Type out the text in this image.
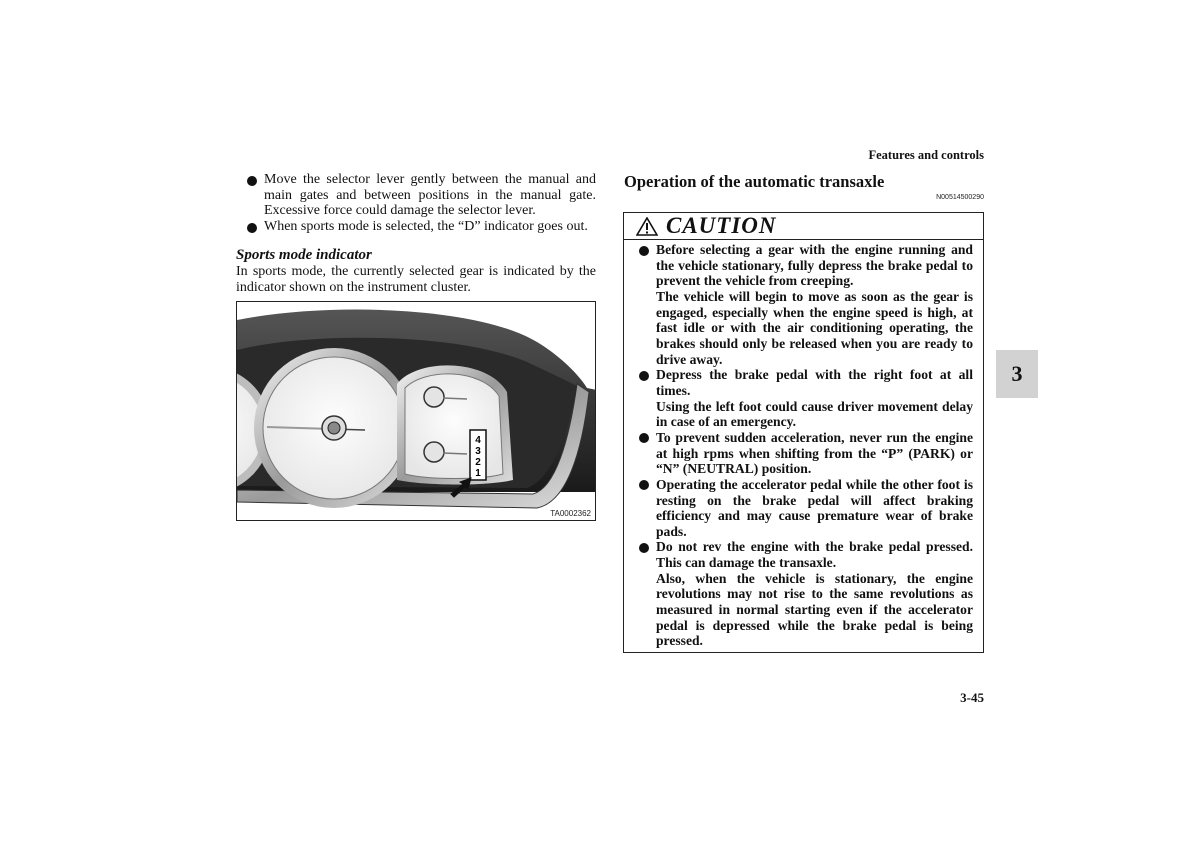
Features and controls
3
3-45
Move the selector lever gently between the manual and main gates and between positions in the manual gate. Excessive force could damage the selector lever.
When sports mode is selected, the “D” indicator goes out.
Sports mode indicator
In sports mode, the currently selected gear is indicated by the indicator shown on the instrument cluster.
4
3
2
1
TA0002362
Operation of the automatic transaxle
N00514500290
CAUTION
Before selecting a gear with the engine running and the vehicle stationary, fully depress the brake pedal to prevent the vehicle from creeping.
The vehicle will begin to move as soon as the gear is engaged, especially when the engine speed is high, at fast idle or with the air conditioning operating, the brakes should only be released when you are ready to drive away.
Depress the brake pedal with the right foot at all times.
Using the left foot could cause driver movement delay in case of an emergency.
To prevent sudden acceleration, never run the engine at high rpms when shifting from the “P” (PARK) or “N” (NEUTRAL) position.
Operating the accelerator pedal while the other foot is resting on the brake pedal will affect braking efficiency and may cause premature wear of brake pads.
Do not rev the engine with the brake pedal pressed. This can damage the transaxle.
Also, when the vehicle is stationary, the engine revolutions may not rise to the same revolutions as measured in normal starting even if the accelerator pedal is depressed while the brake pedal is being pressed.
